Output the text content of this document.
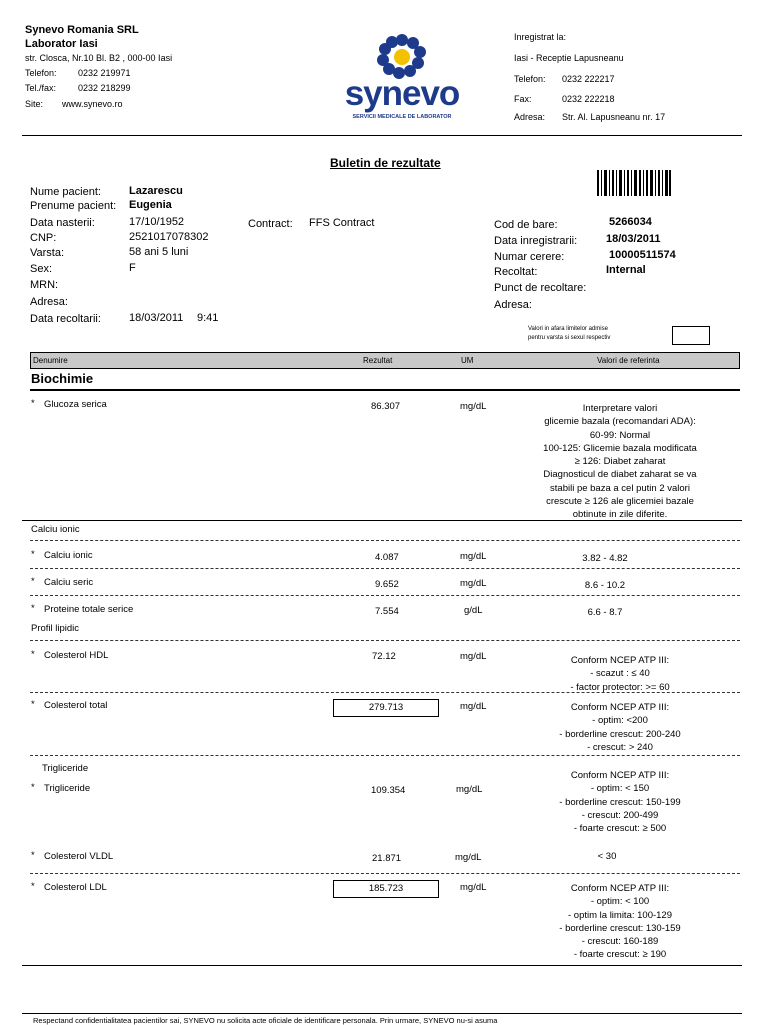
Synevo Romania SRL
Laborator Iasi
str. Closca, Nr.10 Bl. B2 , 000-00 Iasi
Telefon: 0232 219971
Tel./fax: 0232 218299
Site: www.synevo.ro	synevo
SERVICII MEDICALE DE LABORATOR
Inregistrat la:
Iasi - Receptie Lapusneanu
Telefon: 0232 222217
Fax:	0232 222218
Adresa: Str. Al. Lapusneanu nr. 17
Buletin de rezultate
Nume pacient:	Lazarescu
Prenume pacient: Eugenia
Data nasterii:	17/10/1952
CNP:	2521017078302
Varsta:	58 ani 5 luni
Sex:	F
MRN:
Adresa:
Data recoltarii:	18/03/2011 9:41
Contract: FFS Contract	Cod de bare:	5266034
Data inregistrarii:	18/03/2011
Numar cerere:	10000511574
Recoltat:	Internal
Punct de recoltare:
Adresa:
Valori in afara limitelor admise
pentru varsta si sexul respectiv
Denumire	Rezultat	UM	Valori de referinta
Biochimie
* Glucoza serica	86.307	mg/dL	Interpretare valori
glicemie bazala (recomandari ADA):
60-99: Normal
100-125: Glicemie bazala modificata
≥ 126: Diabet zaharat
Diagnosticul de diabet zaharat se va
stabili pe baza a cel putin 2 valori
crescute ≥ 126 ale glicemiei bazale
obtinute in zile diferite.
Calciu ionic
* Calciu ionic	4.087	mg/dL	3.82 - 4.82
* Calciu seric	9.652	mg/dL	8.6 - 10.2
* Proteine totale serice	7.554	g/dL	6.6 - 8.7
Profil lipidic
* Colesterol HDL	72.12	mg/dL	Conform NCEP ATP III:
- scazut : ≤ 40
- factor protector: >= 60
* Colesterol total	279.713	mg/dL	Conform NCEP ATP III:
- optim: <200
- borderline crescut: 200-240
- crescut: > 240
Trigliceride
* Trigliceride	109.354	mg/dL
Conform NCEP ATP III:
- optim: < 150
- borderline crescut: 150-199
- crescut: 200-499
- foarte crescut: ≥ 500
* Colesterol VLDL	21.871	mg/dL	< 30
* Colesterol LDL	185.723	mg/dL	Conform NCEP ATP III:
- optim: < 100
- optim la limita: 100-129
- borderline crescut: 130-159
- crescut: 160-189
- foarte crescut: ≥ 190
Respectand confidentialitatea pacientilor sai, SYNEVO nu solicita acte oficiale de identificare personala. Prin urmare, SYNEVO nu-si asuma
